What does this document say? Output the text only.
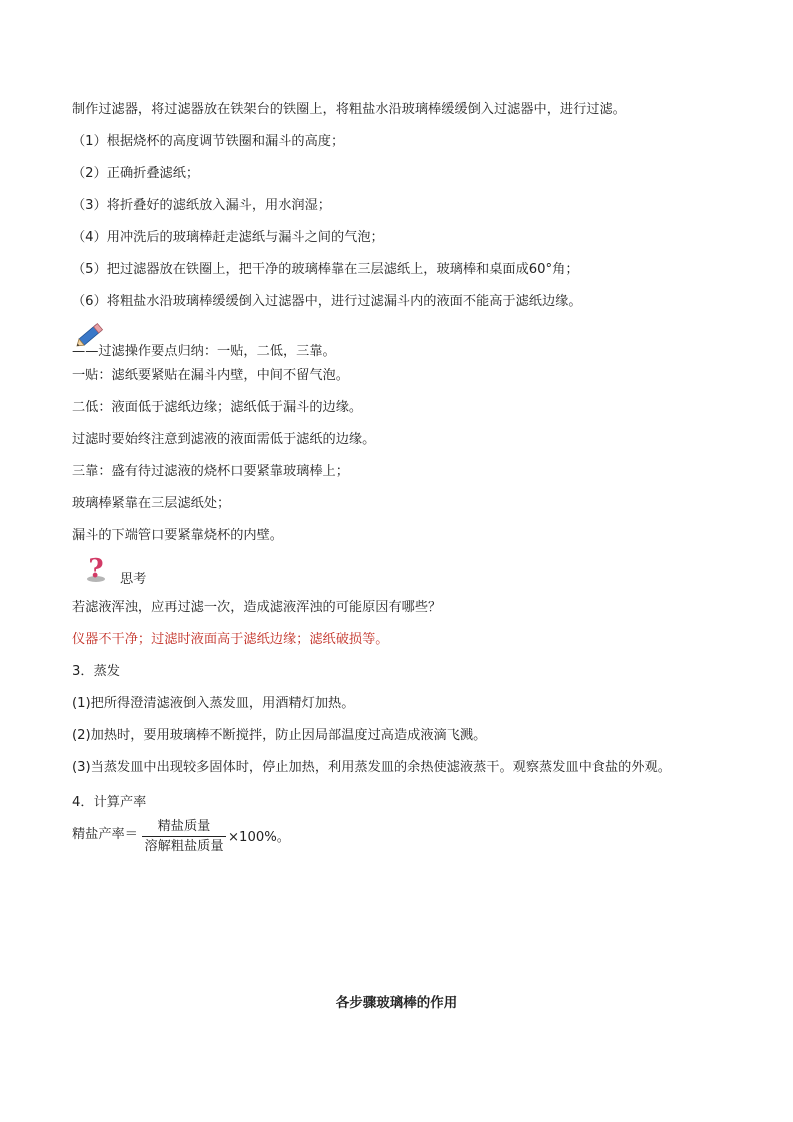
制作过滤器，将过滤器放在铁架台的铁圈上，将粗盐水沿玻璃棒缓缓倒入过滤器中，进行过滤。
（1）根据烧杯的高度调节铁圈和漏斗的高度；
（2）正确折叠滤纸；
（3）将折叠好的滤纸放入漏斗，用水润湿；
（4）用冲洗后的玻璃棒赶走滤纸与漏斗之间的气泡；
（5）把过滤器放在铁圈上，把干净的玻璃棒靠在三层滤纸上，玻璃棒和桌面成60°角；
（6）将粗盐水沿玻璃棒缓缓倒入过滤器中，进行过滤漏斗内的液面不能高于滤纸边缘。
——过滤操作要点归纳：一贴，二低，三靠。
一贴：滤纸要紧贴在漏斗内壁，中间不留气泡。
二低：液面低于滤纸边缘；滤纸低于漏斗的边缘。
过滤时要始终注意到滤液的液面需低于滤纸的边缘。
三靠：盛有待过滤液的烧杯口要紧靠玻璃棒上；
玻璃棒紧靠在三层滤纸处；
漏斗的下端管口要紧靠烧杯的内壁。
? 思考
若滤液浑浊，应再过滤一次，造成滤液浑浊的可能原因有哪些？
仪器不干净；过滤时液面高于滤纸边缘；滤纸破损等。
3．蒸发
(1)把所得澄清滤液倒入蒸发皿，用酒精灯加热。
(2)加热时，要用玻璃棒不断搅拌，防止因局部温度过高造成液滴飞溅。
(3)当蒸发皿中出现较多固体时，停止加热，利用蒸发皿的余热使滤液蒸干。观察蒸发皿中食盐的外观。
4．计算产率
精盐产率＝
精盐质量
溶解粗盐质量
×100%。
各步骤玻璃棒的作用
